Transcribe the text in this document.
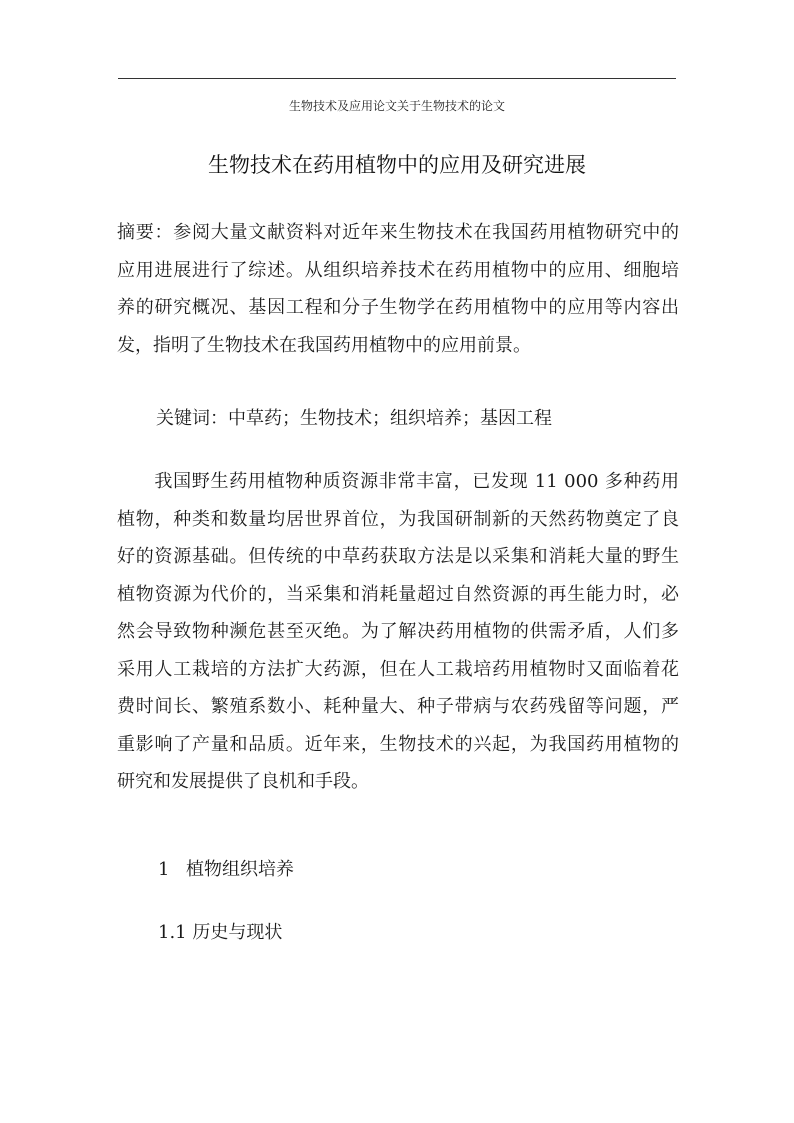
生物技术及应用论文关于生物技术的论文
生物技术在药用植物中的应用及研究进展
摘要：参阅大量文献资料对近年来生物技术在我国药用植物研究中的
应用进展进行了综述。从组织培养技术在药用植物中的应用、细胞培
养的研究概况、基因工程和分子生物学在药用植物中的应用等内容出
发，指明了生物技术在我国药用植物中的应用前景。
关键词：中草药；生物技术；组织培养；基因工程
　　我国野生药用植物种质资源非常丰富，已发现 11 000 多种药用
植物，种类和数量均居世界首位，为我国研制新的天然药物奠定了良
好的资源基础。但传统的中草药获取方法是以采集和消耗大量的野生
植物资源为代价的，当采集和消耗量超过自然资源的再生能力时，必
然会导致物种濒危甚至灭绝。为了解决药用植物的供需矛盾，人们多
采用人工栽培的方法扩大药源，但在人工栽培药用植物时又面临着花
费时间长、繁殖系数小、耗种量大、种子带病与农药残留等问题，严
重影响了产量和品质。近年来，生物技术的兴起，为我国药用植物的
研究和发展提供了良机和手段。
1 植物组织培养
1.1 历史与现状
